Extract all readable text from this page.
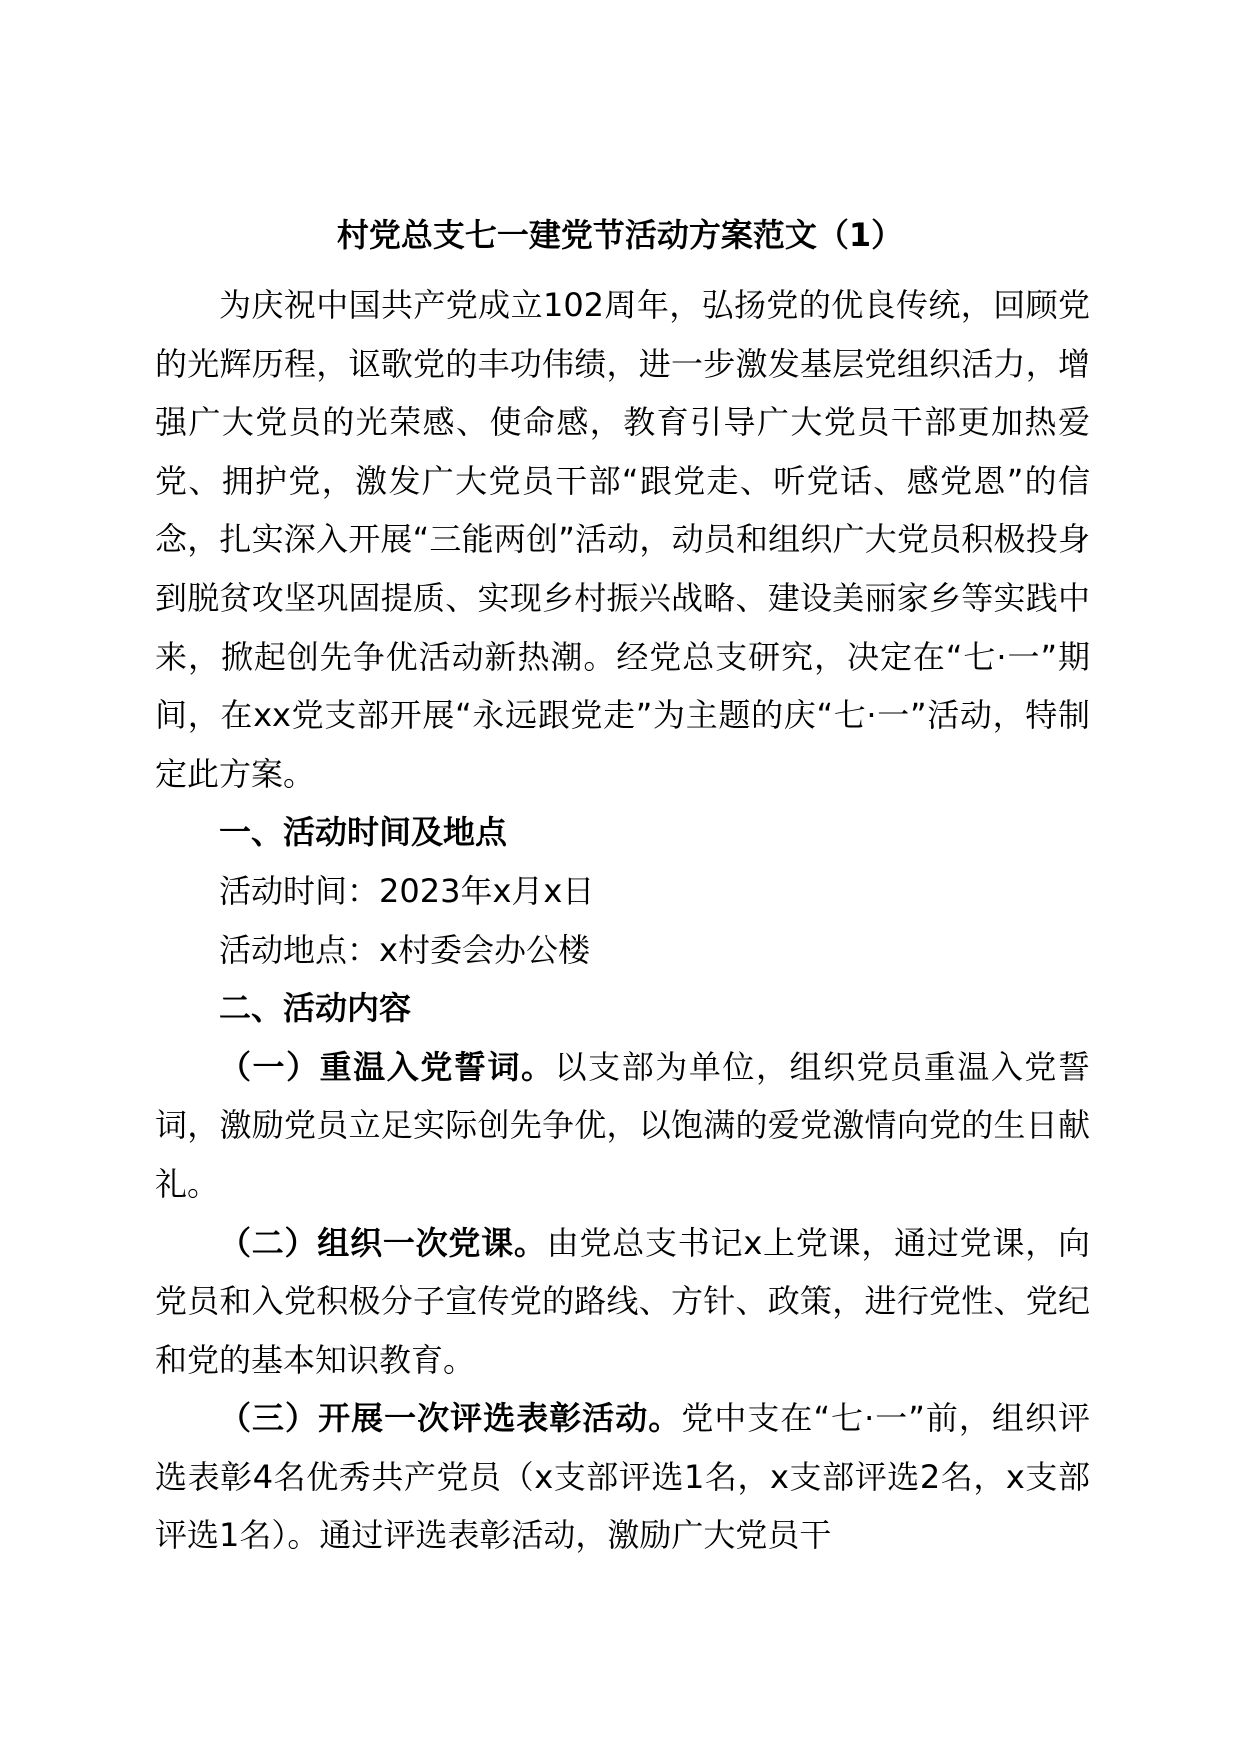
村党总支七一建党节活动方案范文（1）

为庆祝中国共产党成立102周年，弘扬党的优良传统，回顾党的光辉历程，讴歌党的丰功伟绩，进一步激发基层党组织活力，增强广大党员的光荣感、使命感，教育引导广大党员干部更加热爱党、拥护党，激发广大党员干部“跟党走、听党话、感党恩”的信念，扎实深入开展“三能两创”活动，动员和组织广大党员积极投身到脱贫攻坚巩固提质、实现乡村振兴战略、建设美丽家乡等实践中来，掀起创先争优活动新热潮。经党总支研究，决定在“七·一”期间，在xx党支部开展“永远跟党走”为主题的庆“七·一”活动，特制定此方案。

一、活动时间及地点

活动时间：2023年x月x日

活动地点：x村委会办公楼

二、活动内容

（一）重温入党誓词。以支部为单位，组织党员重温入党誓词，激励党员立足实际创先争优，以饱满的爱党激情向党的生日献礼。

（二）组织一次党课。由党总支书记x上党课，通过党课，向党员和入党积极分子宣传党的路线、方针、政策，进行党性、党纪和党的基本知识教育。

（三）开展一次评选表彰活动。党中支在“七·一”前，组织评选表彰4名优秀共产党员（x支部评选1名，x支部评选2名，x支部评选1名）。通过评选表彰活动，激励广大党员干
